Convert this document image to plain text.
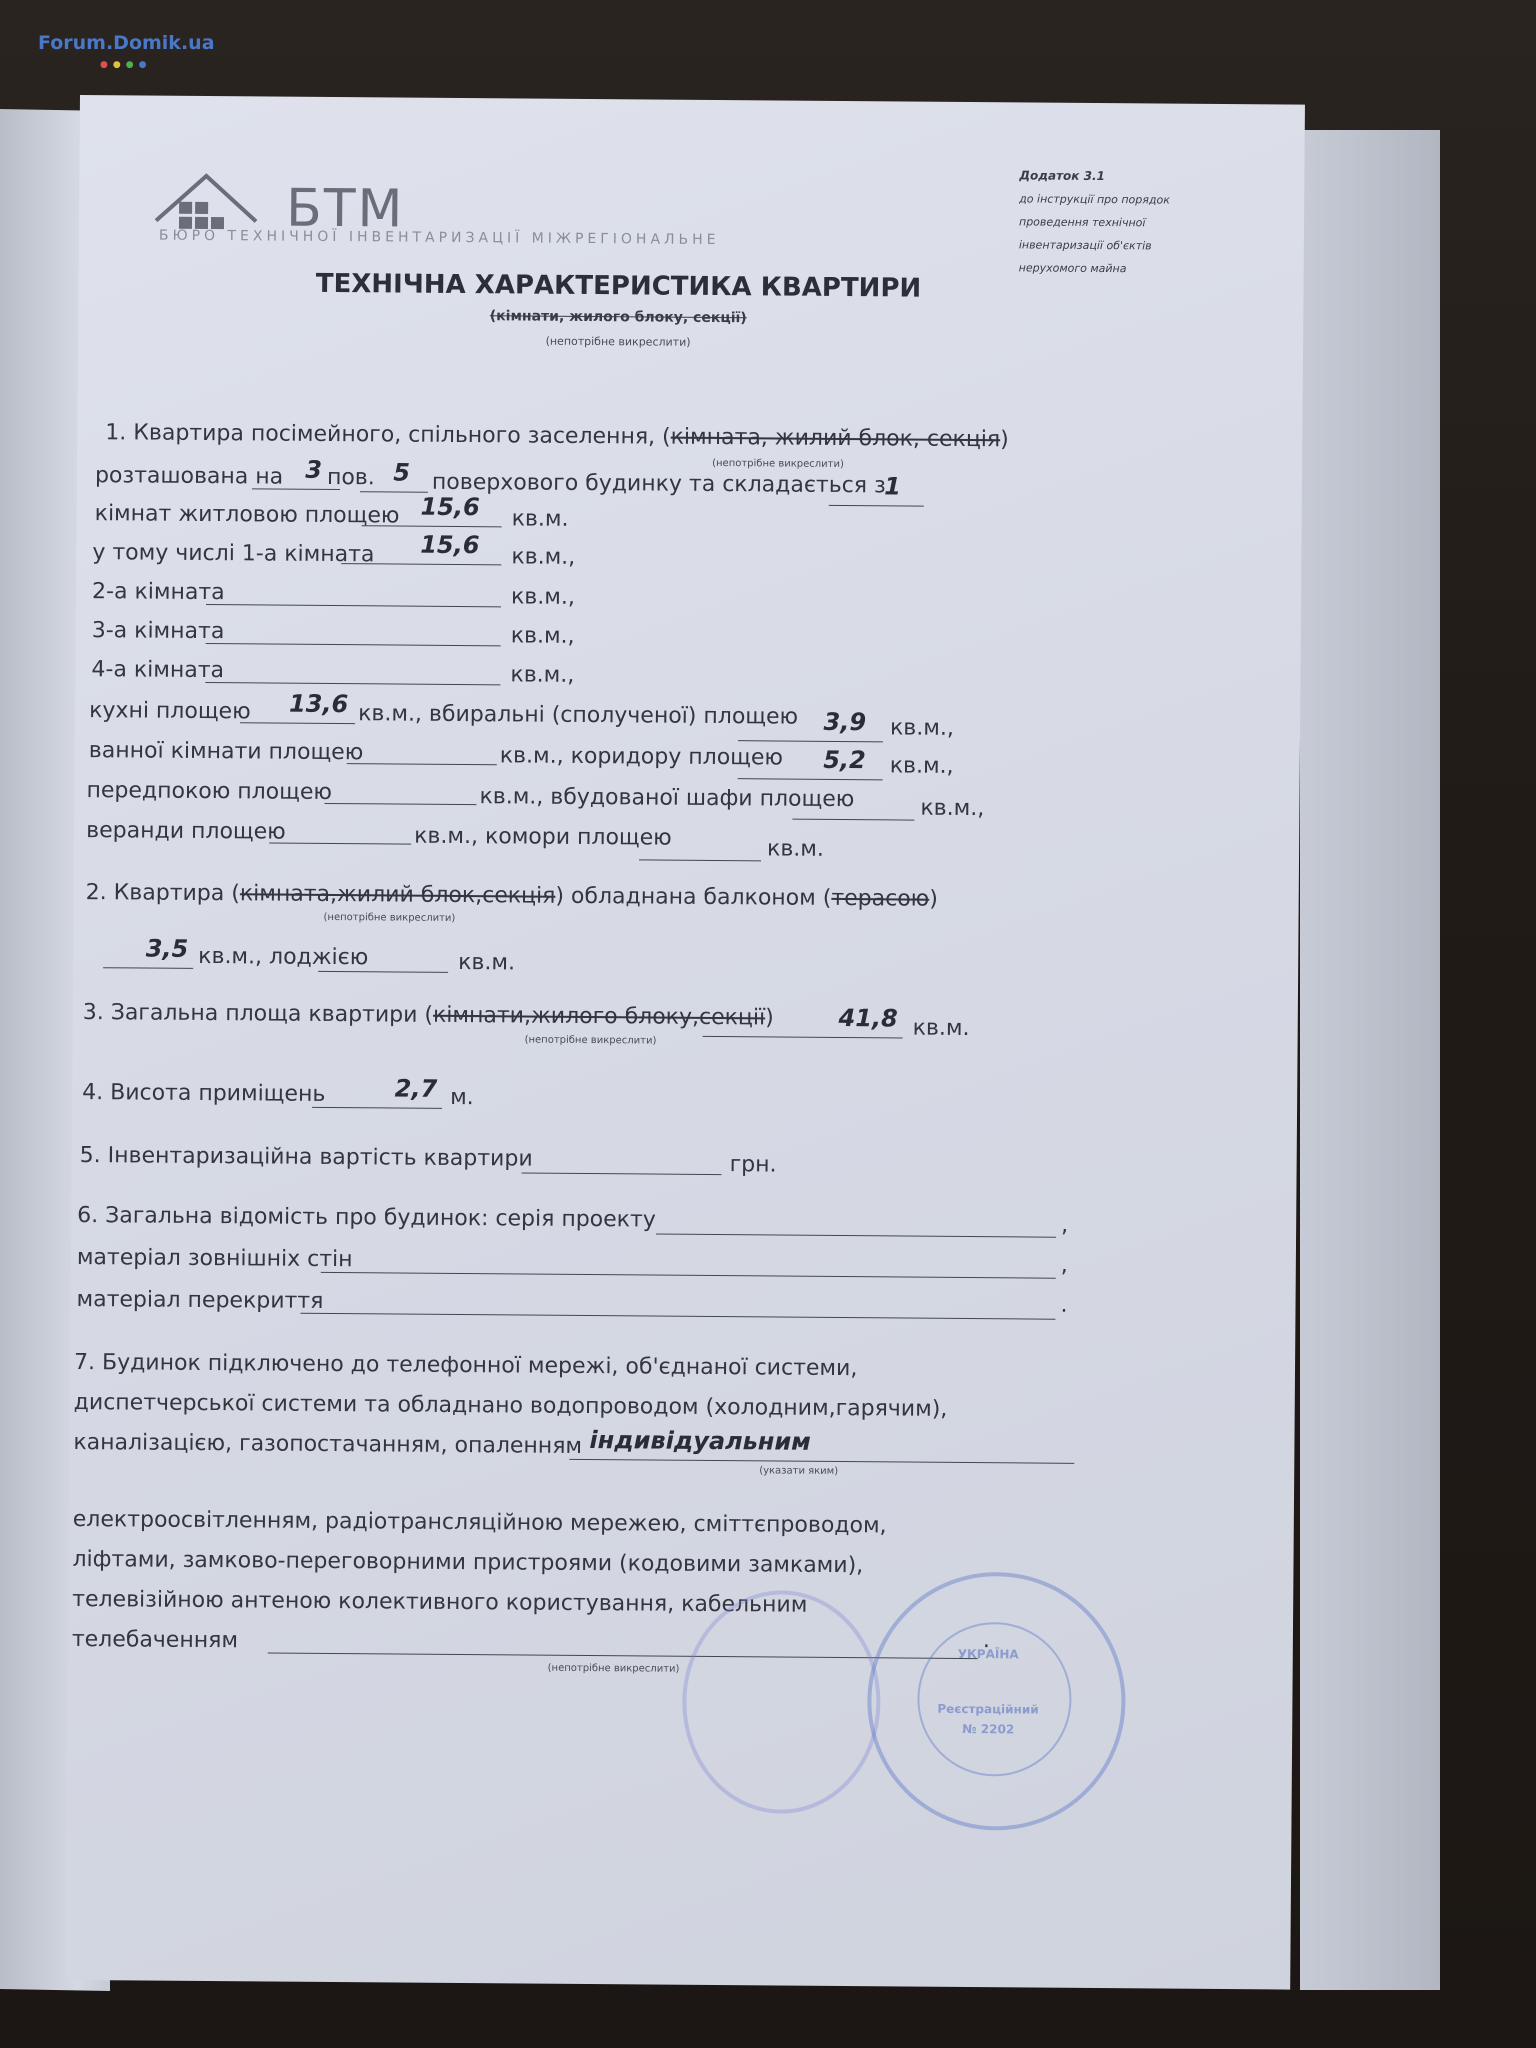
Forum.Domik.ua
●●●●
БТМ
БЮРО ТЕХНІЧНОЇ ІНВЕНТАРИЗАЦІЇ МІЖРЕГІОНАЛЬНЕ
Додаток 3.1
до інструкції про порядок
проведення технічної
інвентаризації об'єктів
нерухомого майна
ТЕХНІЧНА ХАРАКТЕРИСТИКА КВАРТИРИ
(кімнати, жилого блоку, секції)
(непотрібне викреслити)
1. Квартира посімейного, спільного заселення, (кімната, жилий блок, секція)
(непотрібне викреслити)
розташована на 3 пов. 5 поверхового будинку та складається з
1
кімнат житловою площею 15,6 кв.м.
у тому числі 1-а кімната	15,6 кв.м.,
2-а кімната	кв.м.,
3-а кімната	кв.м.,
4-а кімната	кв.м.,
кухні площею	13,6 кв.м., вбиральні (сполученої) площею	3,9 кв.м.,
ванної кімнати площею	кв.м., коридору площею	5,2 кв.м.,
передпокою площею	кв.м., вбудованої шафи площею	кв.м.,
веранди площею	кв.м., комори площею	кв.м.
2. Квартира (кімната,жилий блок,секція) обладнана балконом (терасою)
(непотрібне викреслити)
3,5 кв.м., лоджією	кв.м.
3. Загальна площа квартири (кімнати,жилого блоку,секції)
(непотрібне викреслити)
41,8 кв.м.
4. Висота приміщень	2,7 м.
5. Інвентаризаційна вартість квартири	грн.
6. Загальна відомість про будинок: серія проекту	,
матеріал зовнішніх стін	,
матеріал перекриття	.
7. Будинок підключено до телефонної мережі, об'єднаної системи,
диспетчерської системи та обладнано водопроводом (холодним,гарячим),
каналізацією, газопостачанням, опаленням індивідуальним
(указати яким)
електроосвітленням, радіотрансляційною мережею, сміттєпроводом,
ліфтами, замково-переговорними пристроями (кодовими замками),
телевізійною антеною колективного користування, кабельним
телебаченням	.
(непотрібне викреслити)
УКРАЇНА
Реєстраційний
№ 2202
